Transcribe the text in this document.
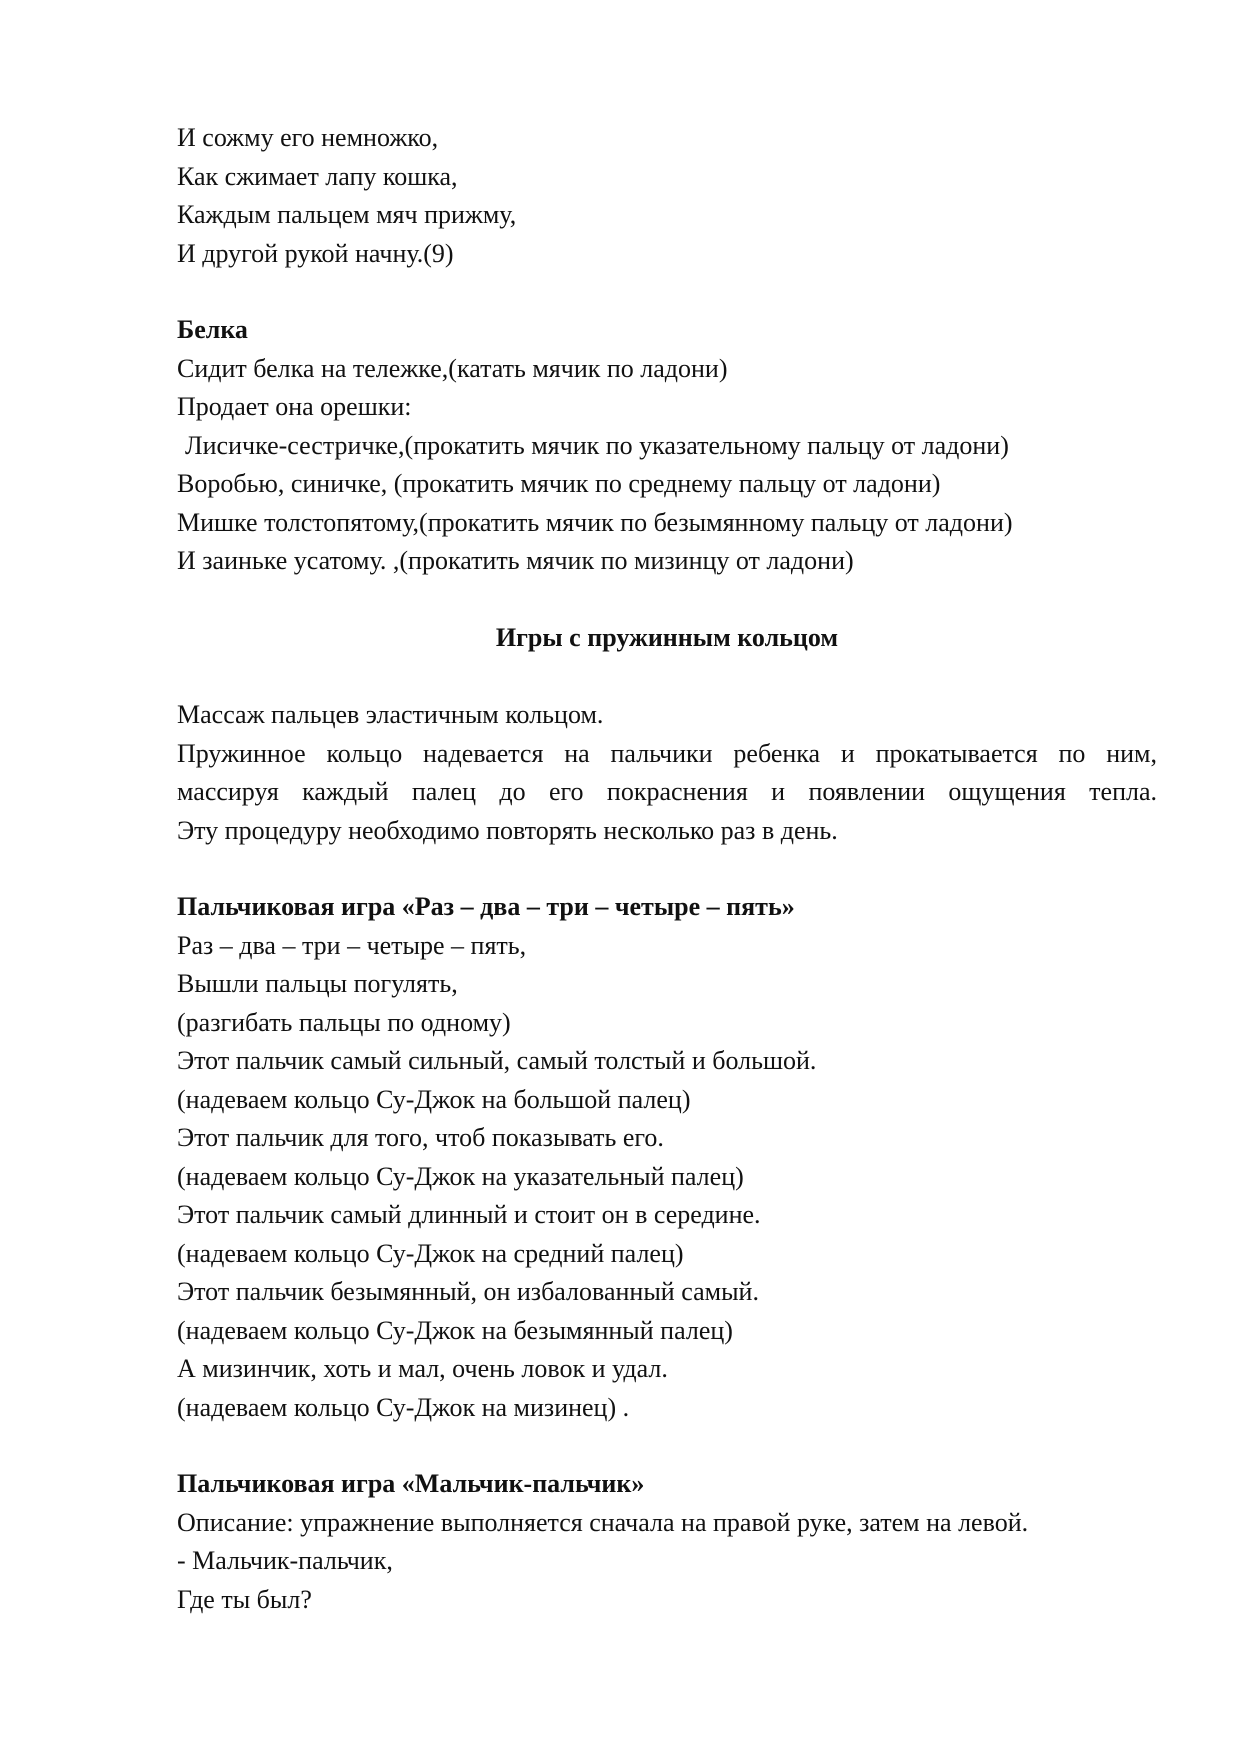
И сожму его немножко,
Как сжимает лапу кошка,
Каждым пальцем мяч прижму,
И другой рукой начну.(9)
Белка
Сидит белка на тележке,(катать мячик по ладони)
Продает она орешки:
Лисичке-сестричке,(прокатить мячик по указательному пальцу от ладони)
Воробью, синичке, (прокатить мячик по среднему пальцу от ладони)
Мишке толстопятому,(прокатить мячик по безымянному пальцу от ладони)
И заиньке усатому. ,(прокатить мячик по мизинцу от ладони)
Игры с пружинным кольцом
Массаж пальцев эластичным кольцом.
Пружинное кольцо надевается на пальчики ребенка и прокатывается по ним,
массируя каждый палец до его покраснения и появлении ощущения тепла.
Эту процедуру необходимо повторять несколько раз в день.
Пальчиковая игра «Раз – два – три – четыре – пять»
Раз – два – три – четыре – пять,
Вышли пальцы погулять,
(разгибать пальцы по одному)
Этот пальчик самый сильный, самый толстый и большой.
(надеваем кольцо Су-Джок на большой палец)
Этот пальчик для того, чтоб показывать его.
(надеваем кольцо Су-Джок на указательный палец)
Этот пальчик самый длинный и стоит он в середине.
(надеваем кольцо Су-Джок на средний палец)
Этот пальчик безымянный, он избалованный самый.
(надеваем кольцо Су-Джок на безымянный палец)
А мизинчик, хоть и мал, очень ловок и удал.
(надеваем кольцо Су-Джок на мизинец) .
Пальчиковая игра «Мальчик-пальчик»
Описание: упражнение выполняется сначала на правой руке, затем на левой.
- Мальчик-пальчик,
Где ты был?
